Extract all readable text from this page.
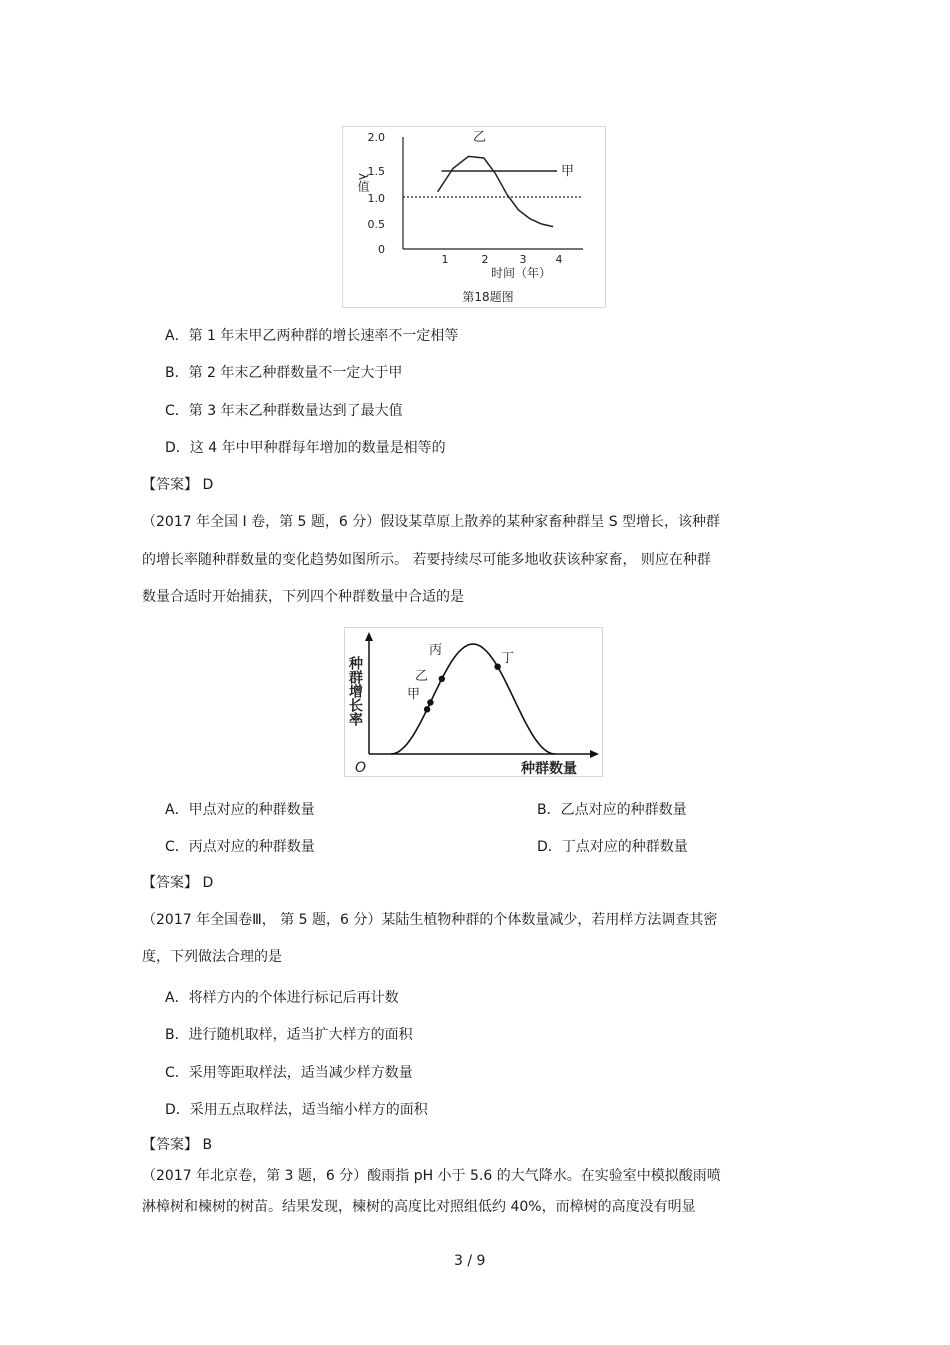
λ值
2.0
1.5
1.0
0.5
0
乙
甲
1	2	3	4
时间（年）
第18题图
A．第 1 年末甲乙两种群的增长速率不一定相等
B．第 2 年末乙种群数量不一定大于甲
C．第 3 年末乙种群数量达到了最大值
D．这 4 年中甲种群每年增加的数量是相等的
【答案】 D
（2017 年全国 I 卷，第 5 题，6 分）假设某草原上散养的某种家畜种群呈 S 型增长，该种群
的增长率随种群数量的变化趋势如图所示。 若要持续尽可能多地收获该种家畜， 则应在种群
数量合适时开始捕获，下列四个种群数量中合适的是
种群增长率
O	种群数量
甲
乙
丙
丁
A．甲点对应的种群数量	B．乙点对应的种群数量
C．丙点对应的种群数量	D．丁点对应的种群数量
【答案】 D
（2017 年全国卷Ⅲ， 第 5 题，6 分）某陆生植物种群的个体数量减少，若用样方法调查其密
度，下列做法合理的是
A．将样方内的个体进行标记后再计数
B．进行随机取样，适当扩大样方的面积
C．采用等距取样法，适当减少样方数量
D．采用五点取样法，适当缩小样方的面积
【答案】 B
（2017 年北京卷，第 3 题，6 分）酸雨指 pH 小于 5.6 的大气降水。在实验室中模拟酸雨喷
淋樟树和楝树的树苗。结果发现，楝树的高度比对照组低约 40%，而樟树的高度没有明显
3 / 9
